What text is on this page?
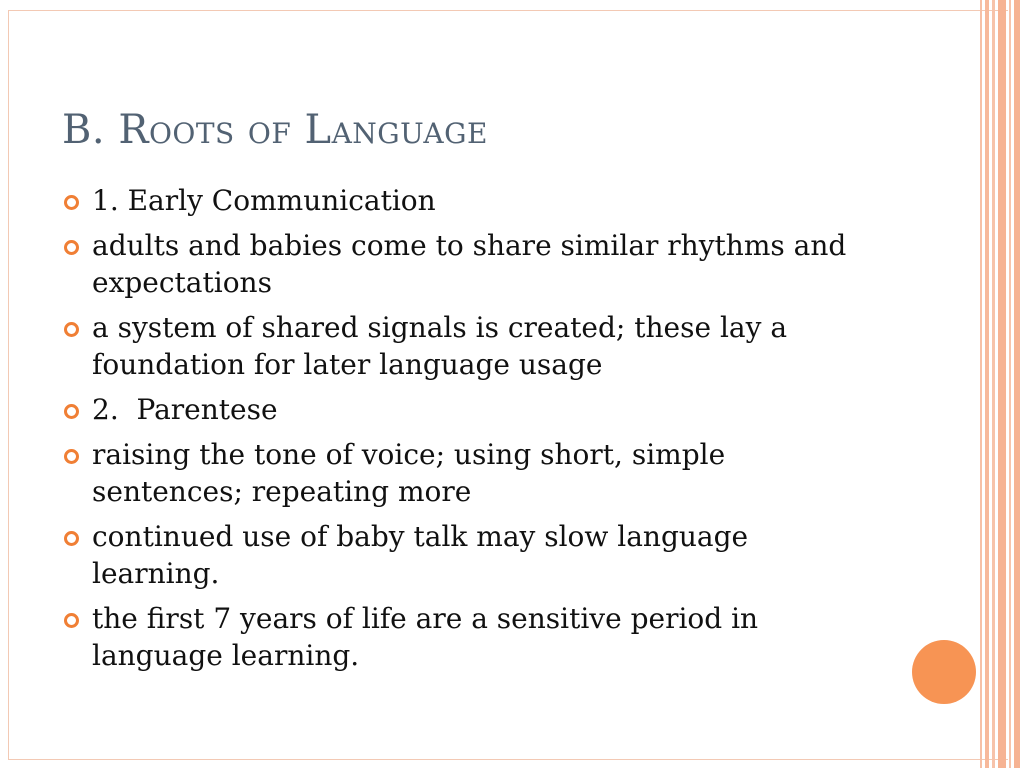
B. Roots of Language
1. Early Communication
adults and babies come to share similar rhythms and expectations
a system of shared signals is created; these lay a foundation for later language usage
2.  Parentese
raising the tone of voice; using short, simple sentences; repeating more
continued use of baby talk may slow language learning.
the first 7 years of life are a sensitive period in language learning.
